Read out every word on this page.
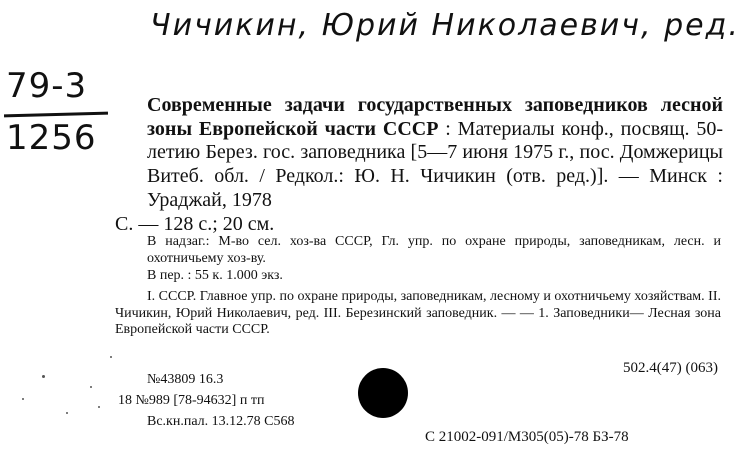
Чичикин, Юрий Николаевич, ред.
79-3
1256
Современные задачи государственных заповедников лесной зоны Европейской части СССР : Материалы конф., посвящ. 50-летию Берез. гос. заповедника [5—7 июня 1975 г., пос. Домжерицы Витеб. обл. / Редкол.: Ю. Н. Чичикин (отв. ред.)]. — Минск : Ураджай, 1978
С. — 128 с.; 20 см.
В надзаг.: М-во сел. хоз-ва СССР, Гл. упр. по охране природы, заповедникам, лесн. и охотничьему хоз-ву.
В пер. : 55 к. 1.000 экз.
I. СССР. Главное упр. по охране природы, заповедникам, лесному и охотничьему хозяйствам. II. Чичикин, Юрий Николаевич, ред. III. Березинский заповедник. — — 1. Заповедники— Лесная зона Европейской части СССР.
502.4(47) (063)
№43809 16.3
18 №989 [78-94632] п тп
Вс.кн.пал. 13.12.78 С568
С 21002-091/М305(05)-78 БЗ-78
